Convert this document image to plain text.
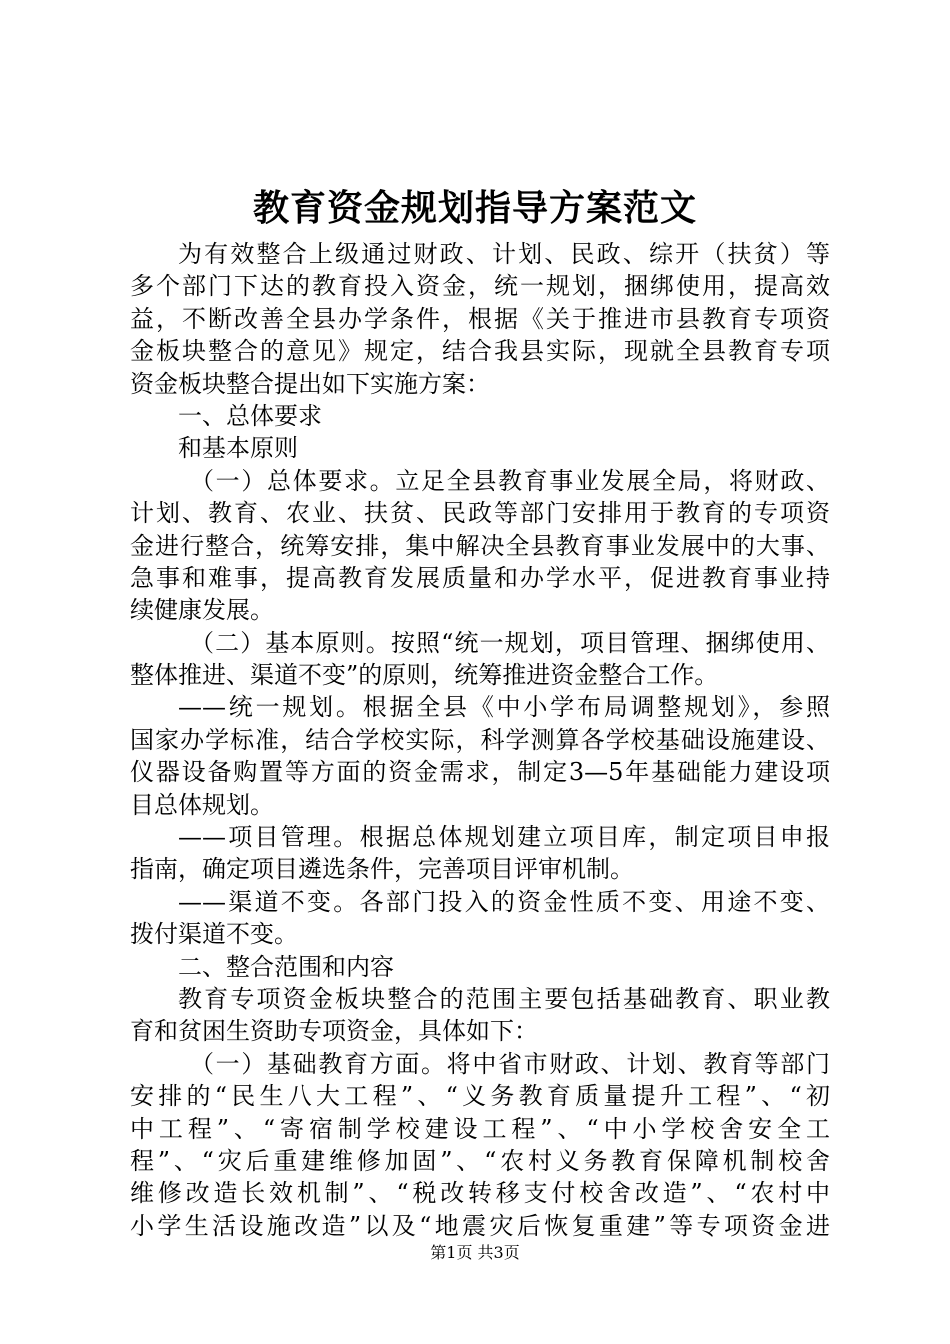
教育资金规划指导方案范文
为有效整合上级通过财政、计划、民政、综开（扶贫）等
多个部门下达的教育投入资金，统一规划，捆绑使用，提高效
益，不断改善全县办学条件，根据《关于推进市县教育专项资
金板块整合的意见》规定，结合我县实际，现就全县教育专项
资金板块整合提出如下实施方案：
一、总体要求
和基本原则
（一）总体要求。立足全县教育事业发展全局，将财政、
计划、教育、农业、扶贫、民政等部门安排用于教育的专项资
金进行整合，统筹安排，集中解决全县教育事业发展中的大事、
急事和难事，提高教育发展质量和办学水平，促进教育事业持
续健康发展。
（二）基本原则。按照“统一规划，项目管理、捆绑使用、
整体推进、渠道不变”的原则，统筹推进资金整合工作。
——统一规划。根据全县《中小学布局调整规划》，参照
国家办学标准，结合学校实际，科学测算各学校基础设施建设、
仪器设备购置等方面的资金需求，制定3—5年基础能力建设项
目总体规划。
——项目管理。根据总体规划建立项目库，制定项目申报
指南，确定项目遴选条件，完善项目评审机制。
——渠道不变。各部门投入的资金性质不变、用途不变、
拨付渠道不变。
二、整合范围和内容
教育专项资金板块整合的范围主要包括基础教育、职业教
育和贫困生资助专项资金，具体如下：
（一）基础教育方面。将中省市财政、计划、教育等部门
安排的“民生八大工程”、“义务教育质量提升工程”、“初
中工程”、“寄宿制学校建设工程”、“中小学校舍安全工
程”、“灾后重建维修加固”、“农村义务教育保障机制校舍
维修改造长效机制”、“税改转移支付校舍改造”、“农村中
小学生活设施改造”以及“地震灾后恢复重建”等专项资金进
第1页 共3页
